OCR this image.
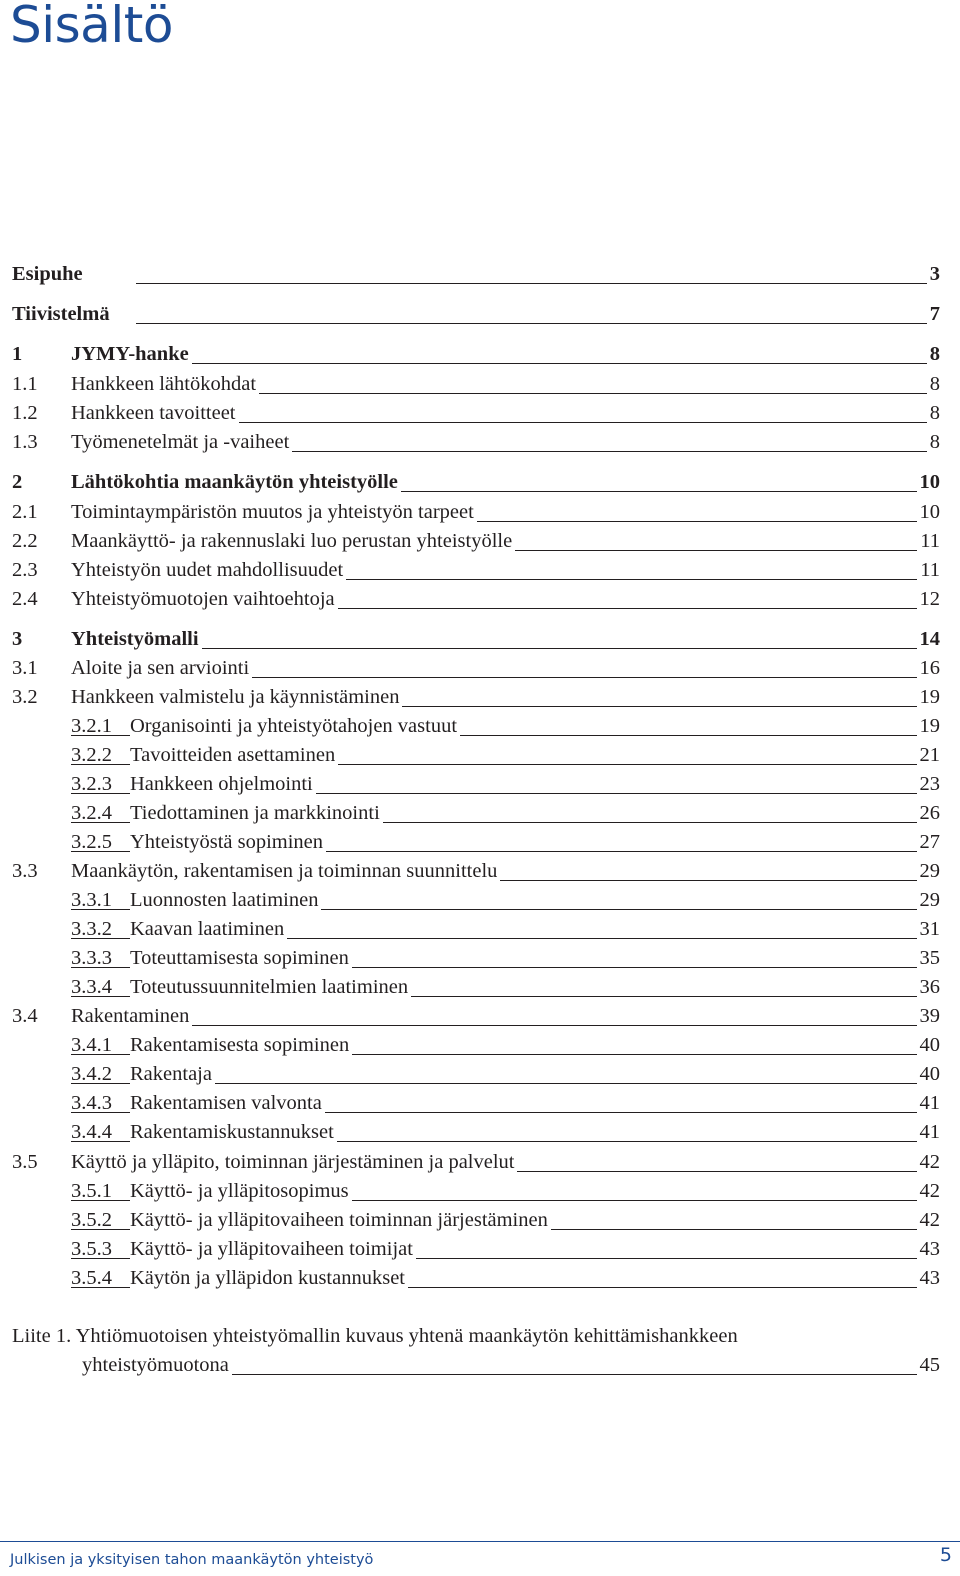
Sisältö
Esipuhe	3
Tiivistelmä	7
1 JYMY-hanke	8
1.1 Hankkeen lähtökohdat	8
1.2 Hankkeen tavoitteet	8
1.3 Työmenetelmät ja -vaiheet	8
2 Lähtökohtia maankäytön yhteistyölle	10
2.1 Toimintaympäristön muutos ja yhteistyön tarpeet	10
2.2 Maankäyttö- ja rakennuslaki luo perustan yhteistyölle	11
2.3 Yhteistyön uudet mahdollisuudet	11
2.4 Yhteistyömuotojen vaihtoehtoja	12
3 Yhteistyömalli	14
3.1 Aloite ja sen arviointi	16
3.2 Hankkeen valmistelu ja käynnistäminen	19
3.2.1 Organisointi ja yhteistyötahojen vastuut	19
3.2.2 Tavoitteiden asettaminen	21
3.2.3 Hankkeen ohjelmointi	23
3.2.4 Tiedottaminen ja markkinointi	26
3.2.5 Yhteistyöstä sopiminen	27
3.3 Maankäytön, rakentamisen ja toiminnan suunnittelu	29
3.3.1 Luonnosten laatiminen	29
3.3.2 Kaavan laatiminen	31
3.3.3 Toteuttamisesta sopiminen	35
3.3.4 Toteutussuunnitelmien laatiminen	36
3.4 Rakentaminen	39
3.4.1 Rakentamisesta sopiminen	40
3.4.2 Rakentaja	40
3.4.3 Rakentamisen valvonta	41
3.4.4 Rakentamiskustannukset	41
3.5 Käyttö ja ylläpito, toiminnan järjestäminen ja palvelut	42
3.5.1 Käyttö- ja ylläpitosopimus	42
3.5.2 Käyttö- ja ylläpitovaiheen toiminnan järjestäminen	42
3.5.3 Käyttö- ja ylläpitovaiheen toimijat	43
3.5.4 Käytön ja ylläpidon kustannukset	43
Liite 1. Yhtiömuotoisen yhteistyömallin kuvaus yhtenä maankäytön kehittämishankkeen
yhteistyömuotona	45
Julkisen ja yksityisen tahon maankäytön yhteistyö	5
